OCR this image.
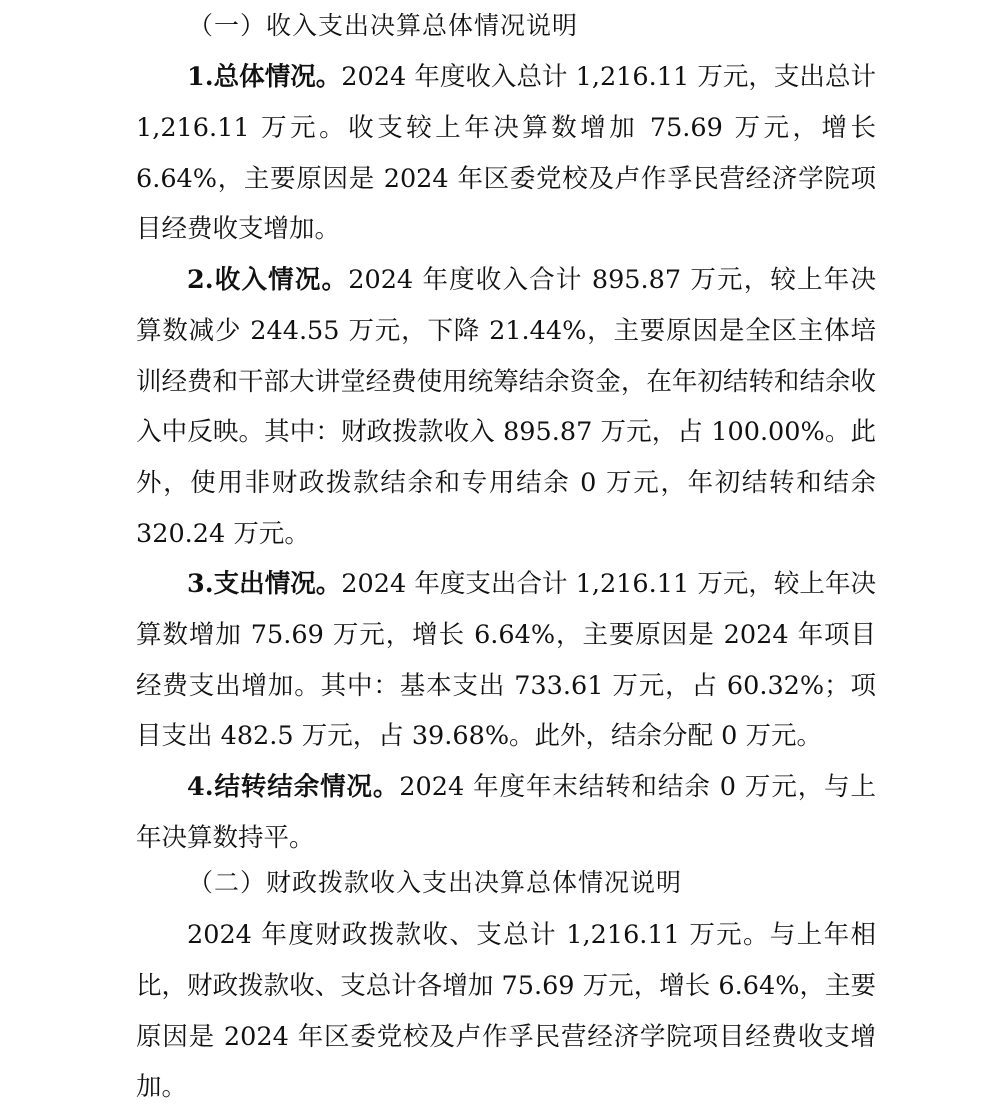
（一）收入支出决算总体情况说明

1.总体情况。2024 年度收入总计 1,216.11 万元，支出总计 1,216.11 万元。收支较上年决算数增加 75.69 万元，增长 6.64%，主要原因是 2024 年区委党校及卢作孚民营经济学院项目经费收支增加。

2.收入情况。2024 年度收入合计 895.87 万元，较上年决算数减少 244.55 万元，下降 21.44%，主要原因是全区主体培训经费和干部大讲堂经费使用统筹结余资金，在年初结转和结余收入中反映。其中：财政拨款收入 895.87 万元，占 100.00%。此外，使用非财政拨款结余和专用结余 0 万元，年初结转和结余 320.24 万元。

3.支出情况。2024 年度支出合计 1,216.11 万元，较上年决算数增加 75.69 万元，增长 6.64%，主要原因是 2024 年项目经费支出增加。其中：基本支出 733.61 万元，占 60.32%；项目支出 482.5 万元，占 39.68%。此外，结余分配 0 万元。

4.结转结余情况。2024 年度年末结转和结余 0 万元，与上年决算数持平。

（二）财政拨款收入支出决算总体情况说明

2024 年度财政拨款收、支总计 1,216.11 万元。与上年相比，财政拨款收、支总计各增加 75.69 万元，增长 6.64%，主要原因是 2024 年区委党校及卢作孚民营经济学院项目经费收支增加。
